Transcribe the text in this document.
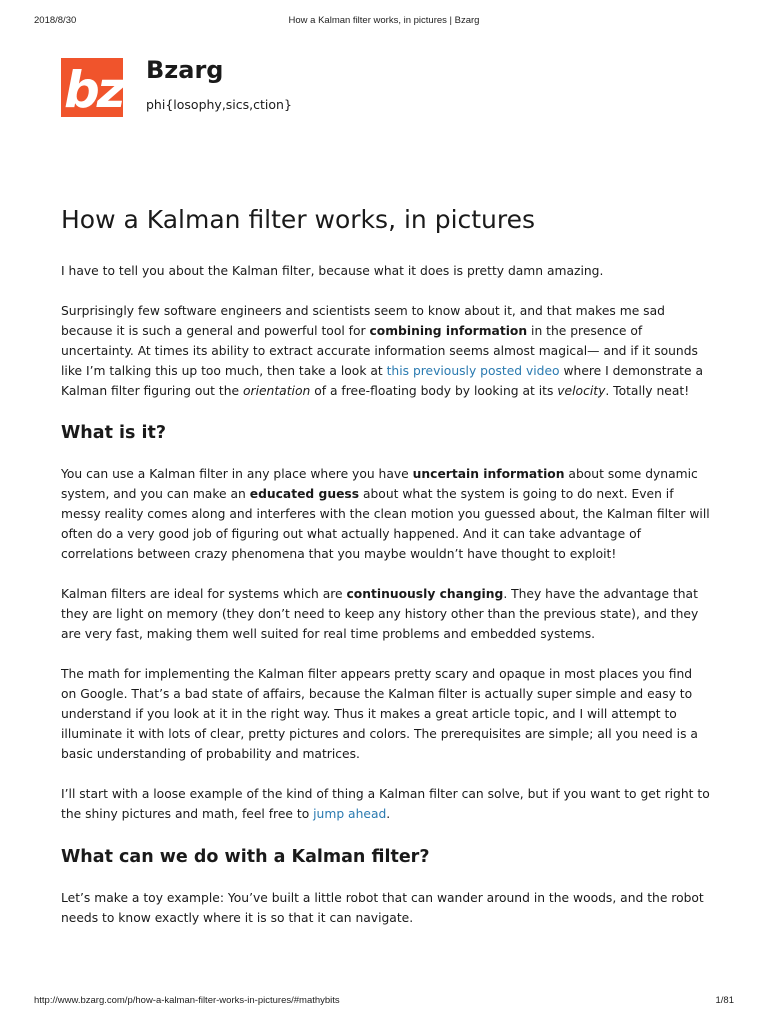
2018/8/30	How a Kalman filter works, in pictures | Bzarg
bz Bzarg
phi{losophy,sics,ction}
How a Kalman filter works, in pictures

I have to tell you about the Kalman filter, because what it does is pretty damn amazing.

Surprisingly few software engineers and scientists seem to know about it, and that makes me sad because it is such a general and powerful tool for combining information in the presence of uncertainty. At times its ability to extract accurate information seems almost magical— and if it sounds like I’m talking this up too much, then take a look at this previously posted video where I demonstrate a Kalman filter figuring out the orientation of a free-floating body by looking at its velocity. Totally neat!

What is it?

You can use a Kalman filter in any place where you have uncertain information about some dynamic system, and you can make an educated guess about what the system is going to do next. Even if messy reality comes along and interferes with the clean motion you guessed about, the Kalman filter will often do a very good job of figuring out what actually happened. And it can take advantage of correlations between crazy phenomena that you maybe wouldn’t have thought to exploit!

Kalman filters are ideal for systems which are continuously changing. They have the advantage that they are light on memory (they don’t need to keep any history other than the previous state), and they are very fast, making them well suited for real time problems and embedded systems.

The math for implementing the Kalman filter appears pretty scary and opaque in most places you find on Google. That’s a bad state of affairs, because the Kalman filter is actually super simple and easy to understand if you look at it in the right way. Thus it makes a great article topic, and I will attempt to illuminate it with lots of clear, pretty pictures and colors. The prerequisites are simple; all you need is a basic understanding of probability and matrices.

I’ll start with a loose example of the kind of thing a Kalman filter can solve, but if you want to get right to the shiny pictures and math, feel free to jump ahead.

What can we do with a Kalman filter?

Let’s make a toy example: You’ve built a little robot that can wander around in the woods, and the robot needs to know exactly where it is so that it can navigate.

http://www.bzarg.com/p/how-a-kalman-filter-works-in-pictures/#mathybits	1/81
